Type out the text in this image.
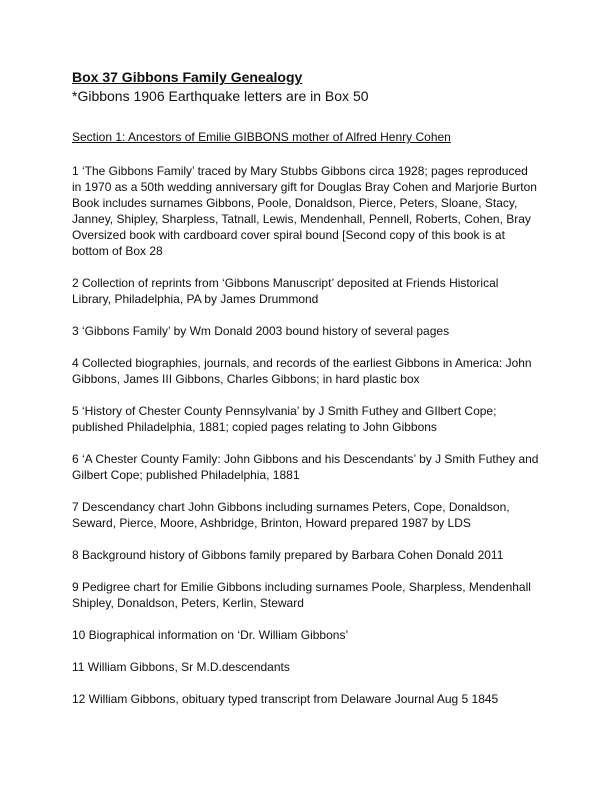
Box 37 Gibbons Family Genealogy

*Gibbons 1906 Earthquake letters are in Box 50

Section 1: Ancestors of Emilie GIBBONS mother of Alfred Henry Cohen

1 ‘The Gibbons Family’ traced by Mary Stubbs Gibbons circa 1928; pages reproduced
in 1970 as a 50th wedding anniversary gift for Douglas Bray Cohen and Marjorie Burton
Book includes surnames Gibbons, Poole, Donaldson, Pierce, Peters, Sloane, Stacy,
Janney, Shipley, Sharpless, Tatnall, Lewis, Mendenhall, Pennell, Roberts, Cohen, Bray
Oversized book with cardboard cover spiral bound [Second copy of this book is at
bottom of Box 28
2 Collection of reprints from ‘Gibbons Manuscript’ deposited at Friends Historical
Library, Philadelphia, PA by James Drummond
3 ‘Gibbons Family’ by Wm Donald 2003 bound history of several pages
4 Collected biographies, journals, and records of the earliest Gibbons in America: John
Gibbons, James III Gibbons, Charles Gibbons; in hard plastic box
5 ‘History of Chester County Pennsylvania’ by J Smith Futhey and GIlbert Cope;
published Philadelphia, 1881; copied pages relating to John Gibbons
6 ‘A Chester County Family: John Gibbons and his Descendants’ by J Smith Futhey and
Gilbert Cope; published Philadelphia, 1881
7 Descendancy chart John Gibbons including surnames Peters, Cope, Donaldson,
Seward, Pierce, Moore, Ashbridge, Brinton, Howard prepared 1987 by LDS
8 Background history of Gibbons family prepared by Barbara Cohen Donald 2011
9 Pedigree chart for Emilie Gibbons including surnames Poole, Sharpless, Mendenhall
Shipley, Donaldson, Peters, Kerlin, Steward
10 Biographical information on ‘Dr. William Gibbons’
11 William Gibbons, Sr M.D.descendants
12 William Gibbons, obituary typed transcript from Delaware Journal Aug 5 1845
